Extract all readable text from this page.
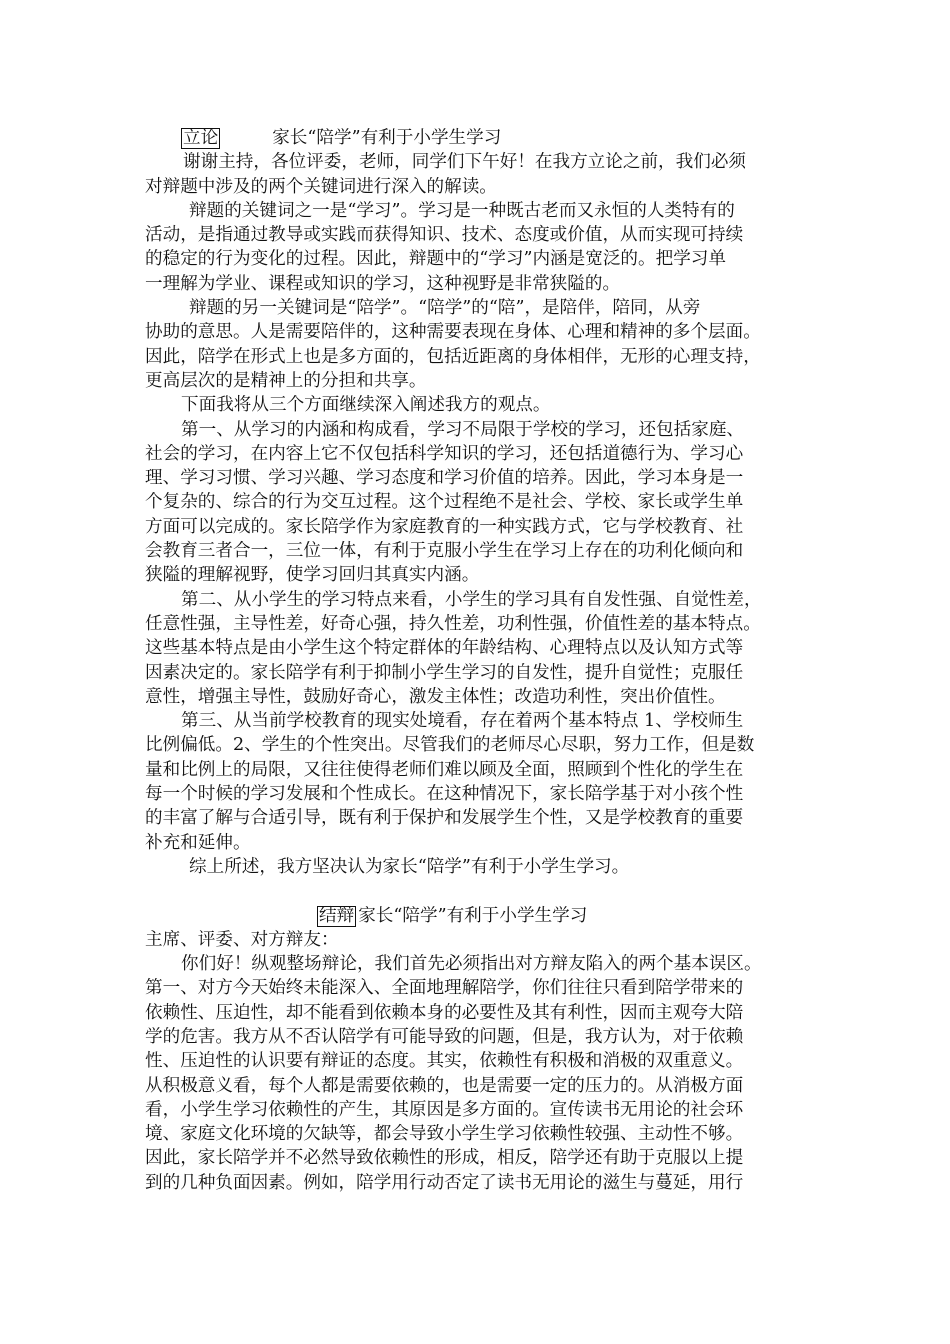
立论	家长“陪学”有利于小学生学习
谢谢主持，各位评委，老师，同学们下午好！在我方立论之前，我们必须
对辩题中涉及的两个关键词进行深入的解读。
辩题的关键词之一是“学习”。学习是一种既古老而又永恒的人类特有的
活动，是指通过教导或实践而获得知识、技术、态度或价值，从而实现可持续
的稳定的行为变化的过程。因此，辩题中的“学习”内涵是宽泛的。把学习单
一理解为学业、课程或知识的学习，这种视野是非常狭隘的。
辩题的另一关键词是“陪学”。“陪学”的“陪”，是陪伴，陪同，从旁
协助的意思。人是需要陪伴的，这种需要表现在身体、心理和精神的多个层面。
因此，陪学在形式上也是多方面的，包括近距离的身体相伴，无形的心理支持，
更高层次的是精神上的分担和共享。
下面我将从三个方面继续深入阐述我方的观点。
第一、从学习的内涵和构成看，学习不局限于学校的学习，还包括家庭、
社会的学习，在内容上它不仅包括科学知识的学习，还包括道德行为、学习心
理、学习习惯、学习兴趣、学习态度和学习价值的培养。因此，学习本身是一
个复杂的、综合的行为交互过程。这个过程绝不是社会、学校、家长或学生单
方面可以完成的。家长陪学作为家庭教育的一种实践方式，它与学校教育、社
会教育三者合一，三位一体，有利于克服小学生在学习上存在的功利化倾向和
狭隘的理解视野，使学习回归其真实内涵。
第二、从小学生的学习特点来看，小学生的学习具有自发性强、自觉性差，
任意性强，主导性差，好奇心强，持久性差，功利性强，价值性差的基本特点。
这些基本特点是由小学生这个特定群体的年龄结构、心理特点以及认知方式等
因素决定的。家长陪学有利于抑制小学生学习的自发性，提升自觉性；克服任
意性，增强主导性，鼓励好奇心，激发主体性；改造功利性，突出价值性。
第三、从当前学校教育的现实处境看，存在着两个基本特点 1、学校师生
比例偏低。2、学生的个性突出。尽管我们的老师尽心尽职，努力工作，但是数
量和比例上的局限，又往往使得老师们难以顾及全面，照顾到个性化的学生在
每一个时候的学习发展和个性成长。在这种情况下，家长陪学基于对小孩个性
的丰富了解与合适引导，既有利于保护和发展学生个性，又是学校教育的重要
补充和延伸。
综上所述，我方坚决认为家长“陪学”有利于小学生学习。
结辩 家长“陪学”有利于小学生学习
主席、评委、对方辩友：
你们好！纵观整场辩论，我们首先必须指出对方辩友陷入的两个基本误区。
第一、对方今天始终未能深入、全面地理解陪学，你们往往只看到陪学带来的
依赖性、压迫性，却不能看到依赖本身的必要性及其有利性，因而主观夸大陪
学的危害。我方从不否认陪学有可能导致的问题，但是，我方认为，对于依赖
性、压迫性的认识要有辩证的态度。其实，依赖性有积极和消极的双重意义。
从积极意义看，每个人都是需要依赖的，也是需要一定的压力的。从消极方面
看，小学生学习依赖性的产生，其原因是多方面的。宣传读书无用论的社会环
境、家庭文化环境的欠缺等，都会导致小学生学习依赖性较强、主动性不够。
因此，家长陪学并不必然导致依赖性的形成，相反，陪学还有助于克服以上提
到的几种负面因素。例如，陪学用行动否定了读书无用论的滋生与蔓延，用行
